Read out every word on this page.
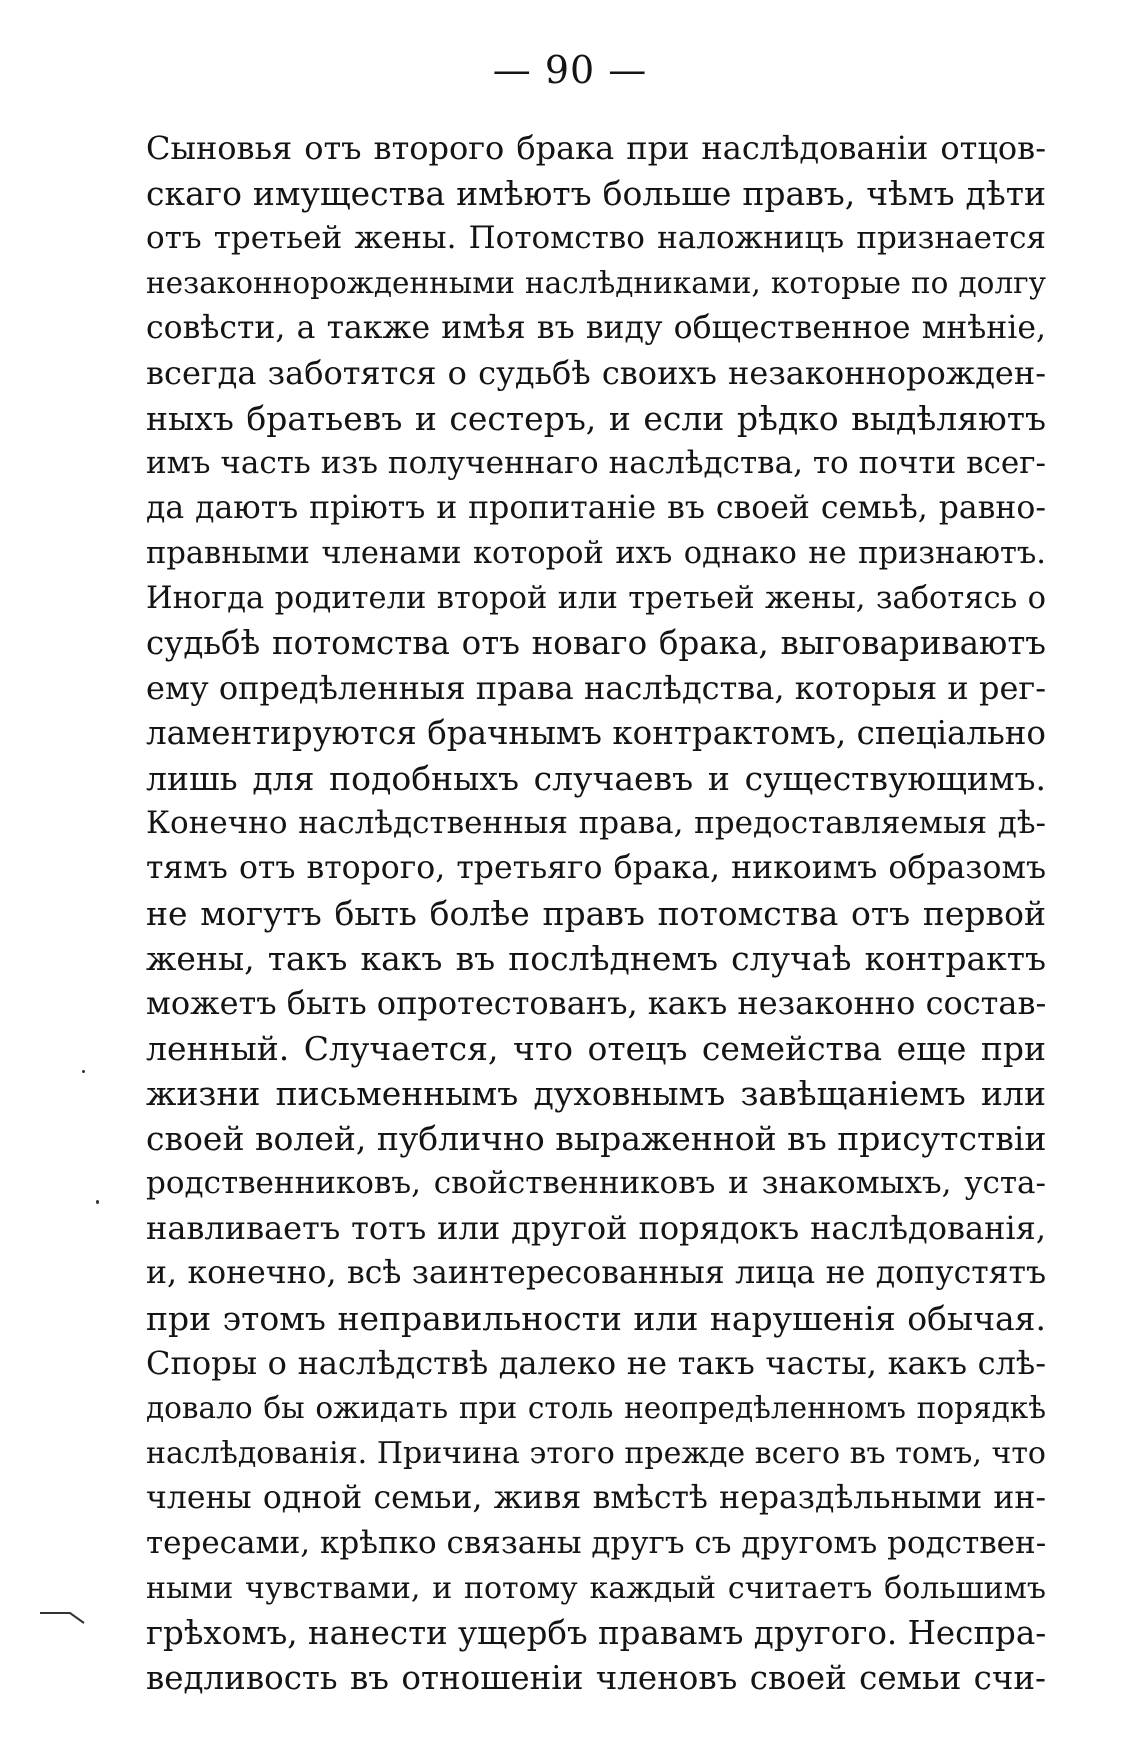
— 90 —
Сыновья отъ второго брака при наслѣдованіи отцов-
скаго имущества имѣютъ больше правъ, чѣмъ дѣти
отъ третьей жены. Потомство наложницъ признается
незаконнорожденными наслѣдниками, которые по долгу
совѣсти, а также имѣя въ виду общественное мнѣніе,
всегда заботятся о судьбѣ своихъ незаконнорожден-
ныхъ братьевъ и сестеръ, и если рѣдко выдѣляютъ
имъ часть изъ полученнаго наслѣдства, то почти всег-
да даютъ пріютъ и пропитаніе въ своей семьѣ, равно-
правными членами которой ихъ однако не признаютъ.
Иногда родители второй или третьей жены, заботясь о
судьбѣ потомства отъ новаго брака, выговариваютъ
ему опредѣленныя права наслѣдства, которыя и рег-
ламентируются брачнымъ контрактомъ, спеціально
лишь для подобныхъ случаевъ и существующимъ.
Конечно наслѣдственныя права, предоставляемыя дѣ-
тямъ отъ второго, третьяго брака, никоимъ образомъ
не могутъ быть болѣе правъ потомства отъ первой
жены, такъ какъ въ послѣднемъ случаѣ контрактъ
можетъ быть опротестованъ, какъ незаконно состав-
ленный. Случается, что отецъ семейства еще при
жизни письменнымъ духовнымъ завѣщаніемъ или
своей волей, публично выраженной въ присутствіи
родственниковъ, свойственниковъ и знакомыхъ, уста-
навливаетъ тотъ или другой порядокъ наслѣдованія,
и, конечно, всѣ заинтересованныя лица не допустятъ
при этомъ неправильности или нарушенія обычая.
Споры о наслѣдствѣ далеко не такъ часты, какъ слѣ-
довало бы ожидать при столь неопредѣленномъ порядкѣ
наслѣдованія. Причина этого прежде всего въ томъ, что
члены одной семьи, живя вмѣстѣ нераздѣльными ин-
тересами, крѣпко связаны другъ съ другомъ родствен-
ными чувствами, и потому каждый считаетъ большимъ
грѣхомъ, нанести ущербъ правамъ другого. Неспра-
ведливость въ отношеніи членовъ своей семьи счи-
